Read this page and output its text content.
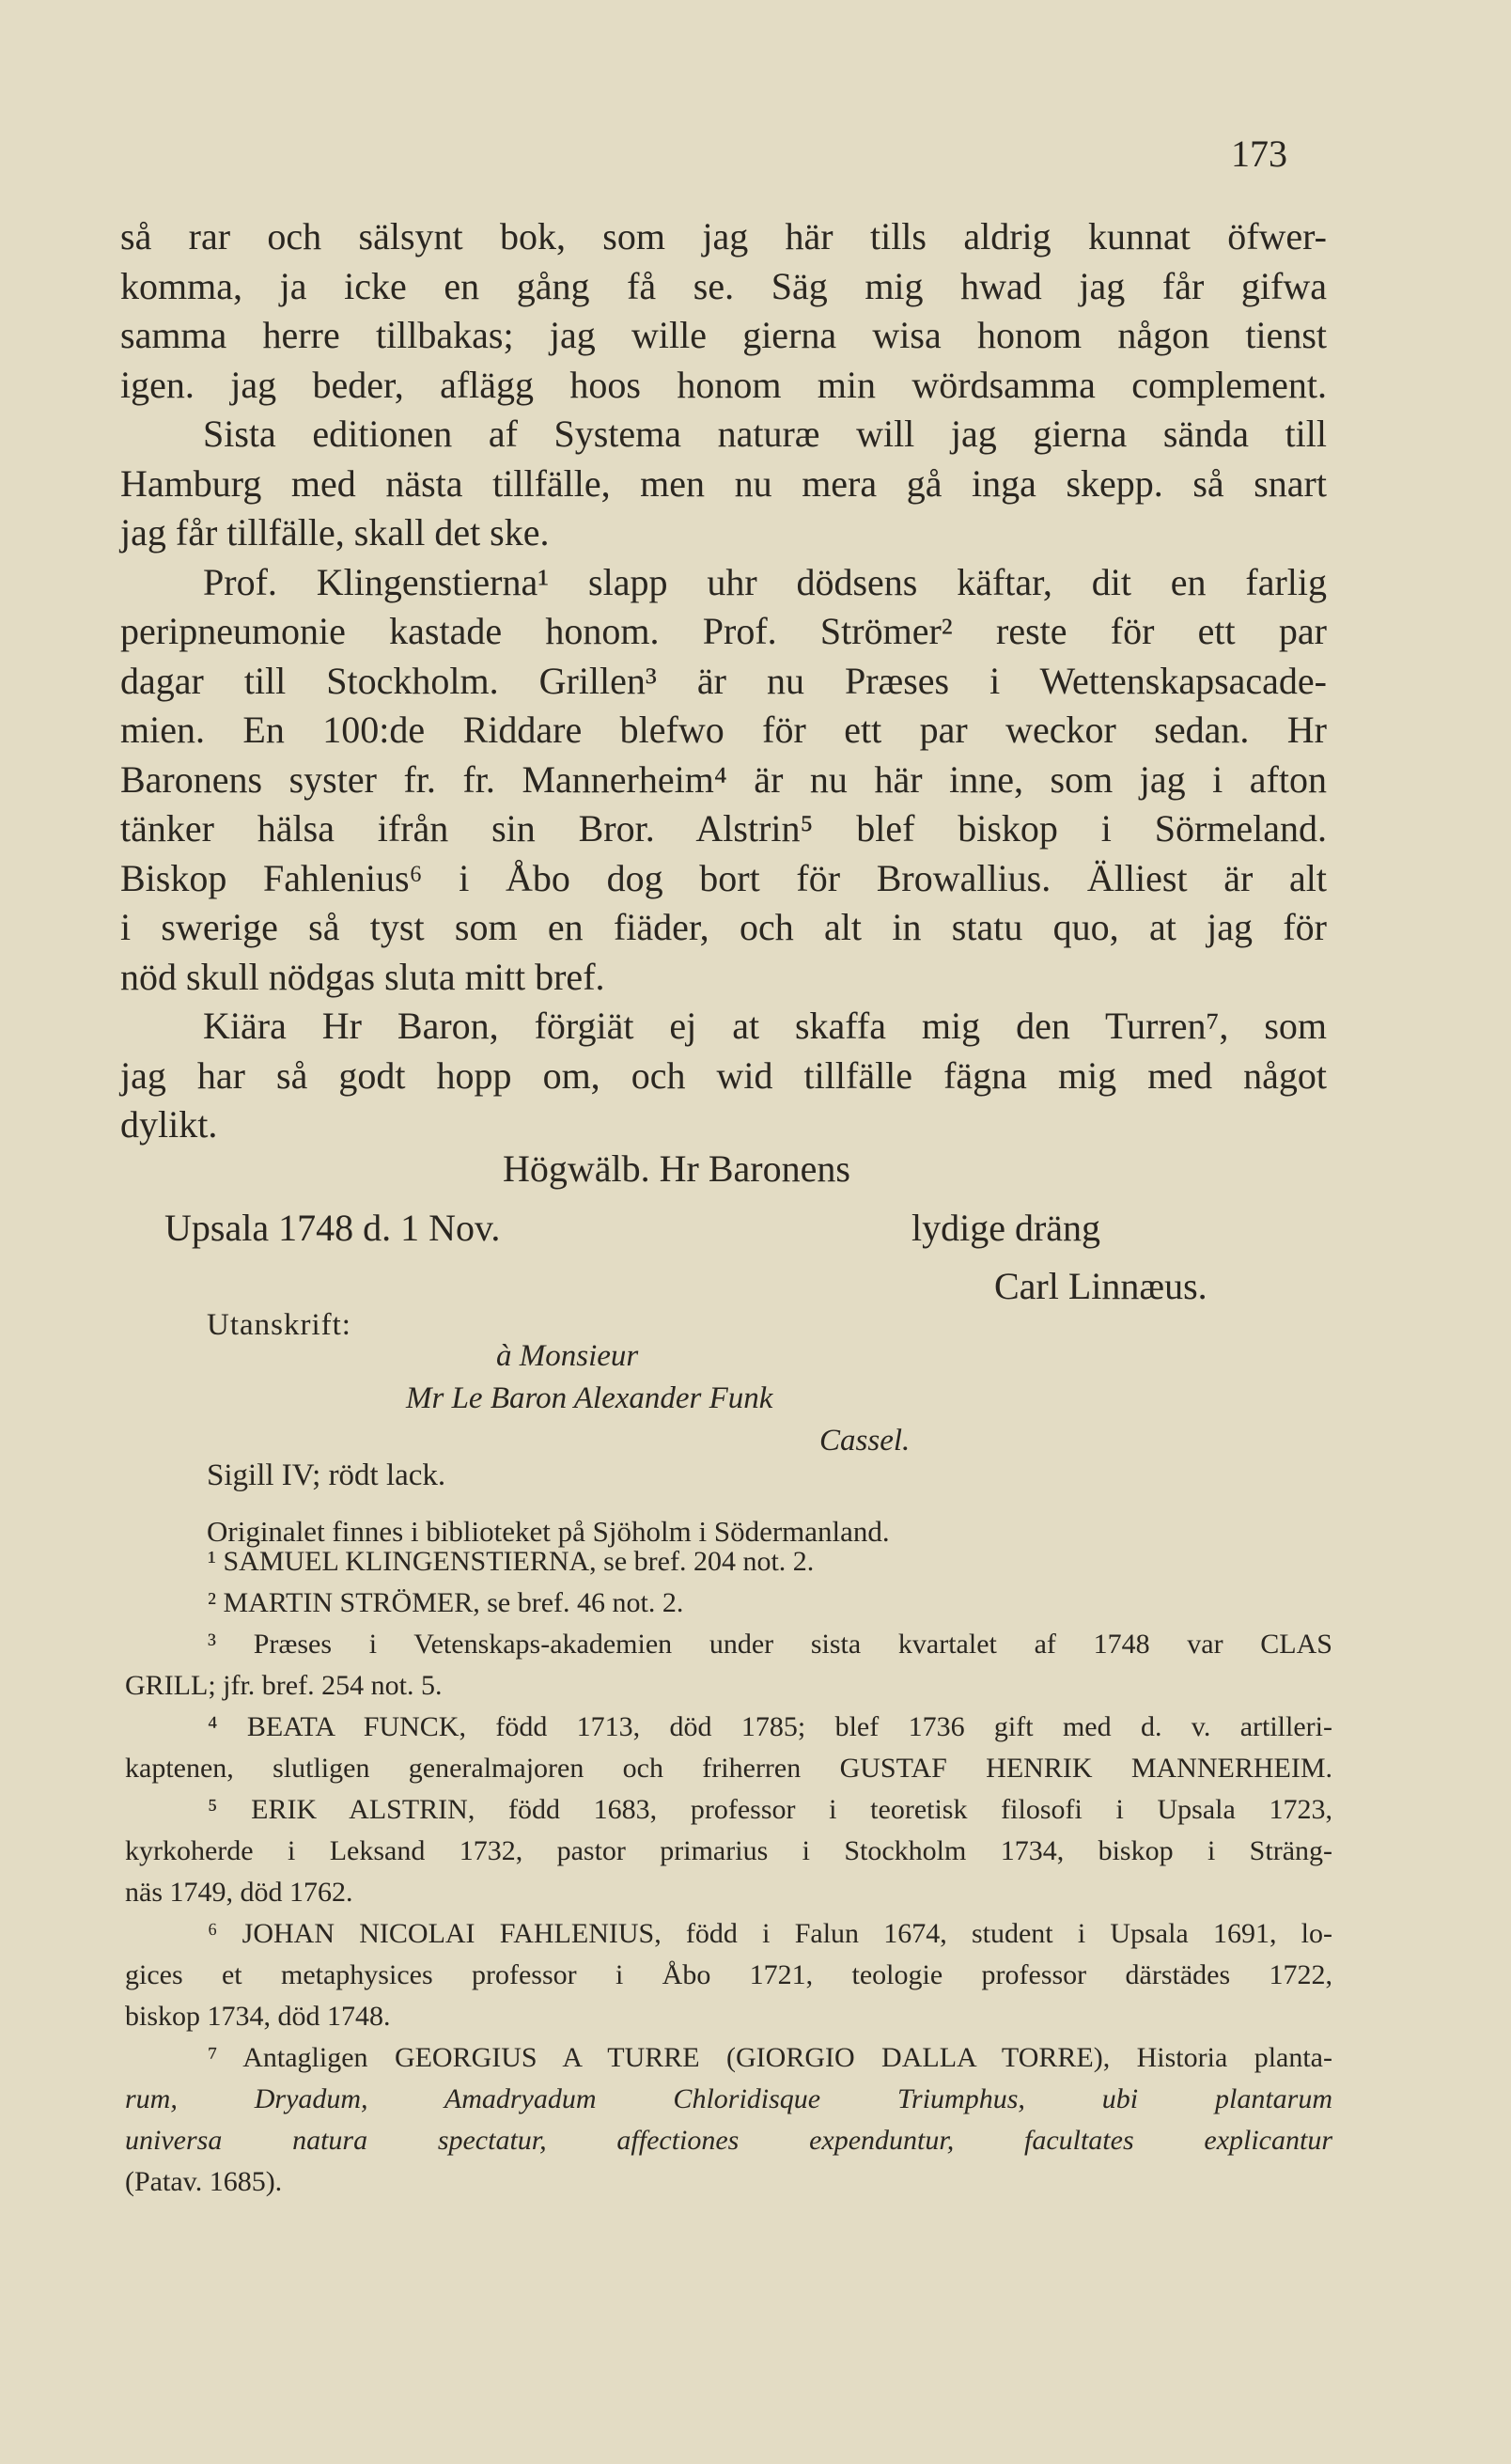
173
så rar och sälsynt bok, som jag här tills aldrig kunnat öfwer-
komma, ja icke en gång få se. Säg mig hwad jag får gifwa
samma herre tillbakas; jag wille gierna wisa honom någon tienst
igen. jag beder, aflägg hoos honom min wördsamma complement.
Sista editionen af Systema naturæ will jag gierna sända till
Hamburg med nästa tillfälle, men nu mera gå inga skepp. så snart
jag får tillfälle, skall det ske.
Prof. Klingenstierna¹ slapp uhr dödsens käftar, dit en farlig
peripneumonie kastade honom. Prof. Strömer² reste för ett par
dagar till Stockholm. Grillen³ är nu Præses i Wettenskapsacade-
mien. En 100:de Riddare blefwo för ett par weckor sedan. Hr
Baronens syster fr. fr. Mannerheim⁴ är nu här inne, som jag i afton
tänker hälsa ifrån sin Bror. Alstrin⁵ blef biskop i Sörmeland.
Biskop Fahlenius⁶ i Åbo dog bort för Browallius. Älliest är alt
i swerige så tyst som en fiäder, och alt in statu quo, at jag för
nöd skull nödgas sluta mitt bref.
Kiära Hr Baron, förgiät ej at skaffa mig den Turren⁷, som
jag har så godt hopp om, och wid tillfälle fägna mig med något
dylikt.
Högwälb. Hr Baronens
Upsala 1748 d. 1 Nov.	lydige dräng
Carl Linnæus.
Utanskrift:
à Monsieur
Mr Le Baron Alexander Funk
Cassel.
Sigill IV; rödt lack.
Originalet finnes i biblioteket på Sjöholm i Södermanland.
¹ SAMUEL KLINGENSTIERNA, se bref. 204 not. 2.
² MARTIN STRÖMER, se bref. 46 not. 2.
³ Præses i Vetenskaps-akademien under sista kvartalet af 1748 var CLAS
GRILL; jfr. bref. 254 not. 5.
⁴ BEATA FUNCK, född 1713, död 1785; blef 1736 gift med d. v. artilleri-
kaptenen, slutligen generalmajoren och friherren GUSTAF HENRIK MANNERHEIM.
⁵ ERIK ALSTRIN, född 1683, professor i teoretisk filosofi i Upsala 1723,
kyrkoherde i Leksand 1732, pastor primarius i Stockholm 1734, biskop i Sträng-
näs 1749, död 1762.
⁶ JOHAN NICOLAI FAHLENIUS, född i Falun 1674, student i Upsala 1691, lo-
gices et metaphysices professor i Åbo 1721, teologie professor därstädes 1722,
biskop 1734, död 1748.
⁷ Antagligen GEORGIUS A TURRE (GIORGIO DALLA TORRE), Historia planta-
rum, Dryadum, Amadryadum Chloridisque Triumphus, ubi plantarum
universa natura spectatur, affectiones expenduntur, facultates explicantur
(Patav. 1685).
